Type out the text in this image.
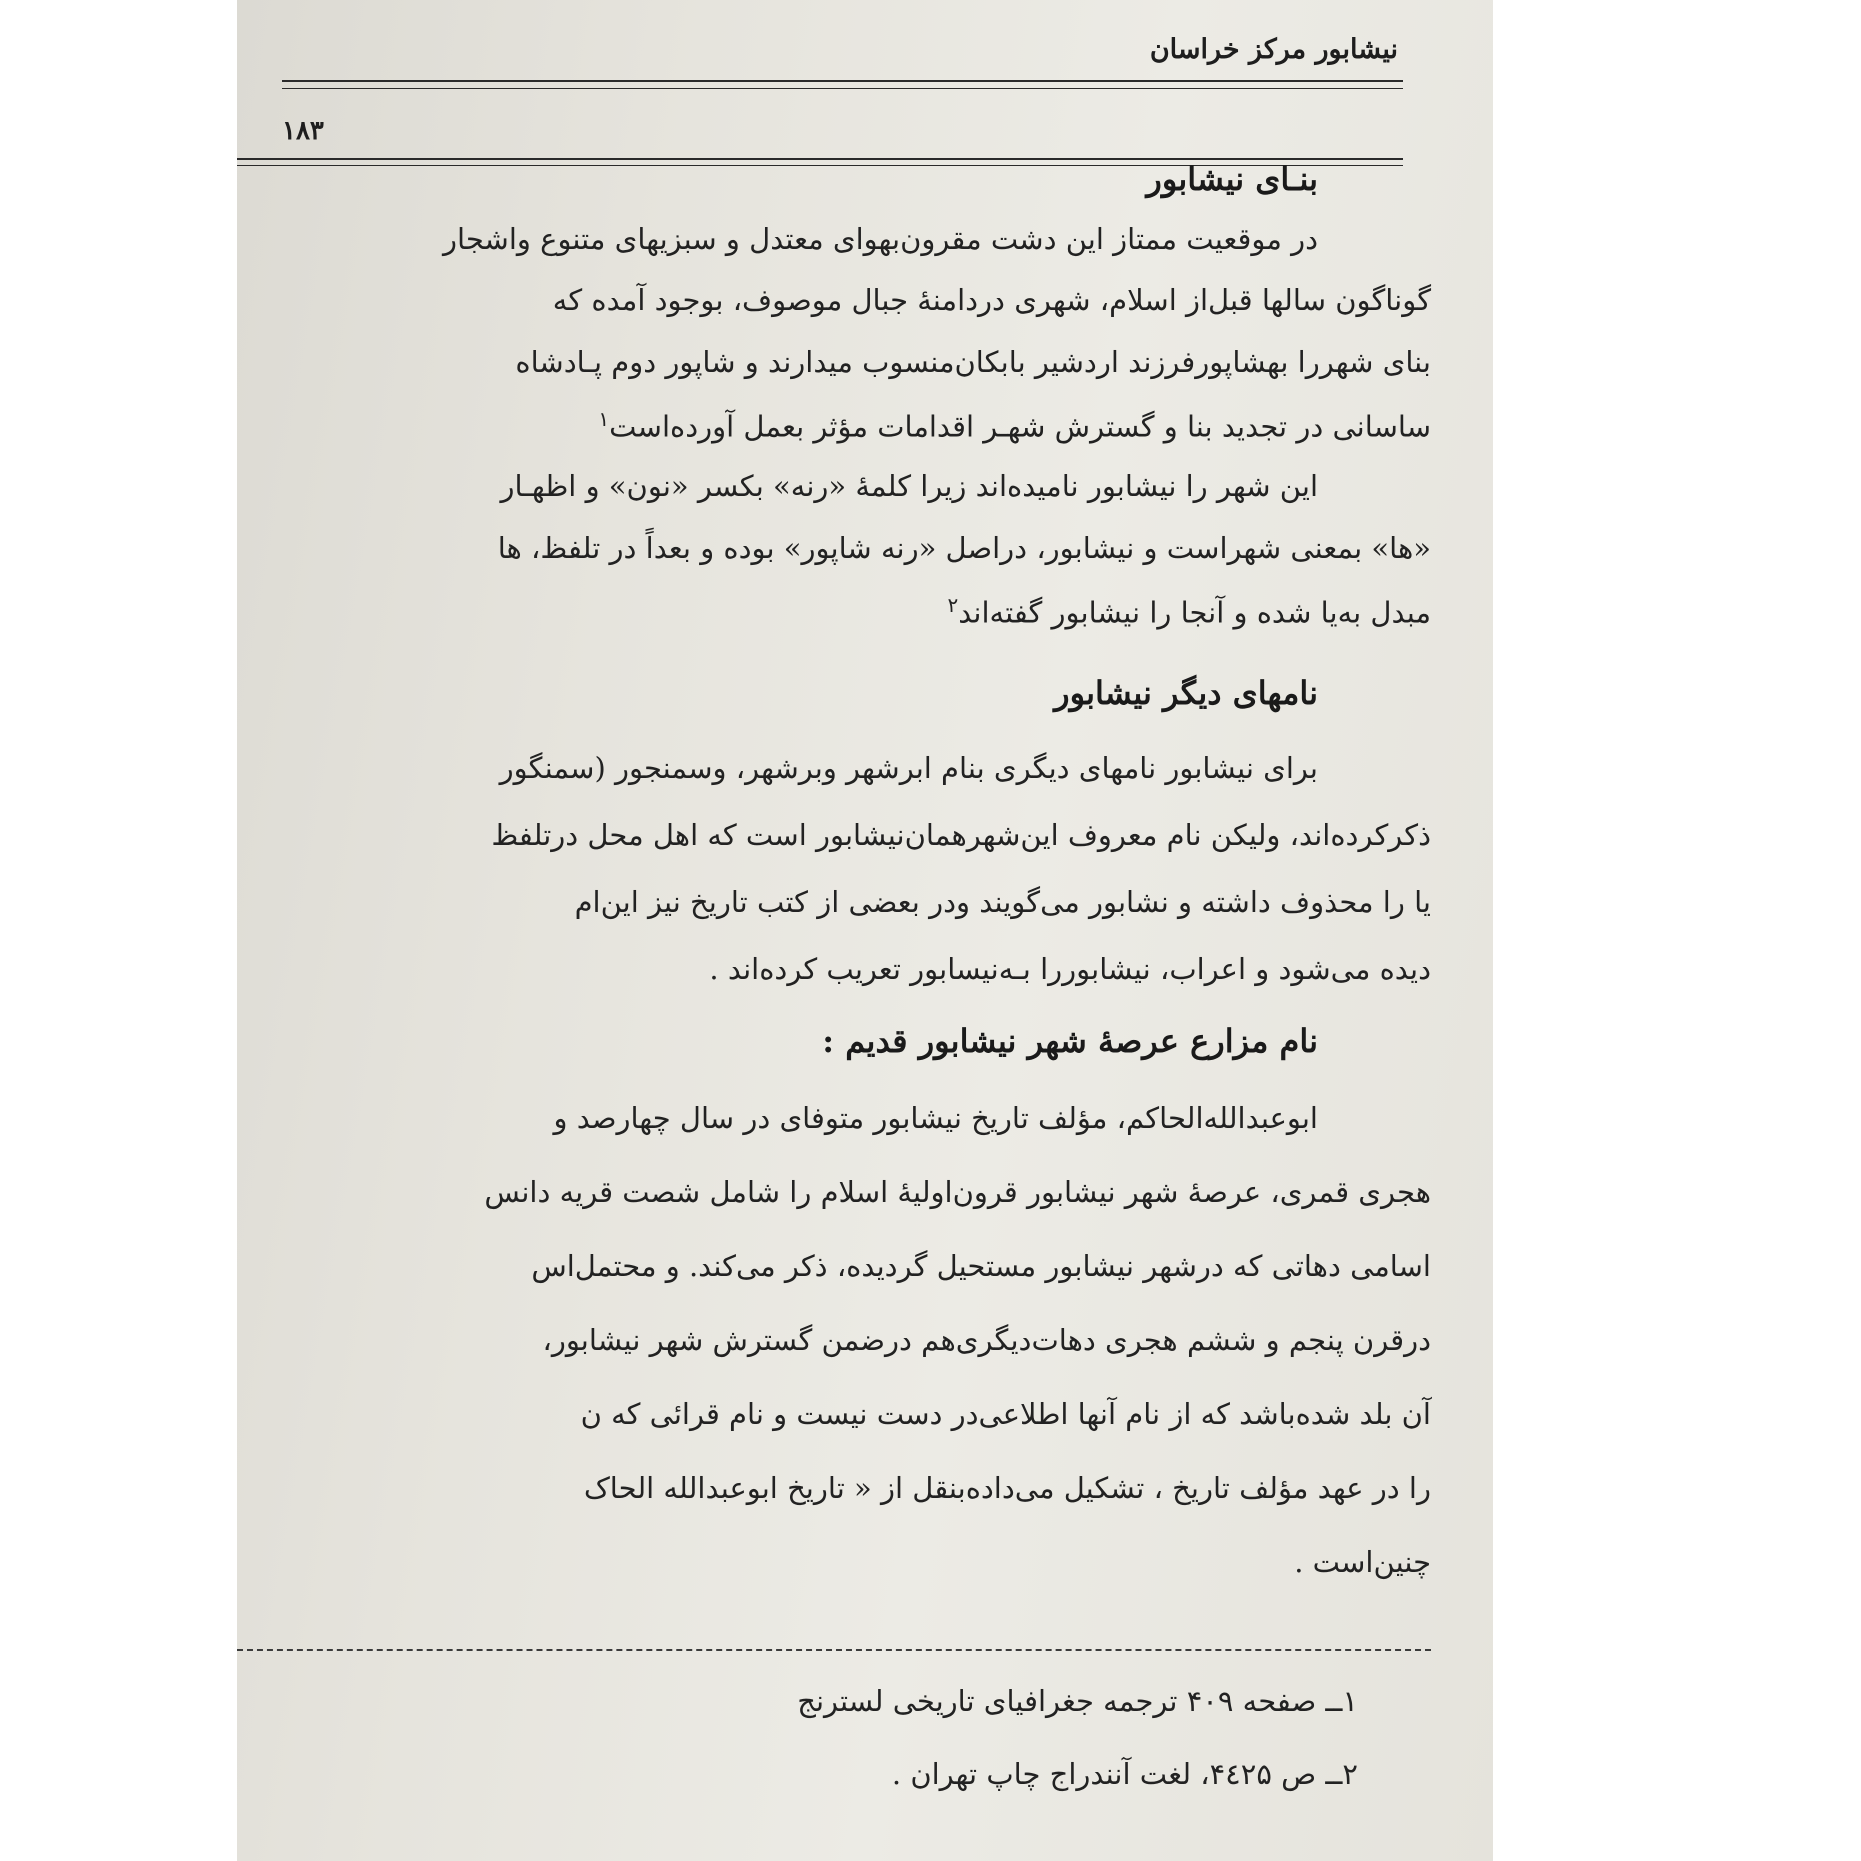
نیشابور مرکز خراسان
۱۸۳
بنـای نیشابور
در موقعیت ممتاز این دشت مقرون‌بهوای معتدل و سبزیهای متنوع واشجار
گوناگون سالها قبل‌از اسلام، شهری دردامنهٔ جبال موصوف، بوجود آمده که
بنای شهررا بهشاپورفرزند اردشیر بابکان‌منسوب میدارند و شاپور دوم پـادشاه
ساسانی در تجدید بنا و گسترش شهـر اقدامات مؤثر بعمل آورده‌است$^۱$
این شهر را نیشابور نامیده‌اند زیرا کلمهٔ «رنه» بکسر «نون» و اظهـار
«ها» بمعنی شهراست و نیشابور، دراصل «رنه شاپور» بوده و بعداً در تلفظ، ها
مبدل به‌یا شده و آنجا را نیشابور گفته‌اند$^۲$
نامهای دیگر نیشابور
برای نیشابور نامهای دیگری بنام ابرشهر وبرشهر، وسمنجور (سمنگور
ذکرکرده‌اند، ولیکن نام معروف این‌شهرهمان‌نیشابور است که اهل محل درتلفظ
یا را محذوف داشته و نشابور می‌گویند ودر بعضی از کتب تاریخ نیز این‌ام
دیده می‌شود و اعراب، نیشابوررا بـه‌نیسابور تعریب کرده‌اند .
نام مزارع عرصهٔ شهر نیشابور قدیم :
ابوعبدالله‌الحاکم، مؤلف تاریخ نیشابور متوفای در سال چهارصد و
هجری قمری، عرصهٔ شهر نیشابور قرون‌اولیهٔ اسلام را شامل شصت قریه دانس
اسامی دهاتی که درشهر نیشابور مستحیل گردیده، ذکر می‌کند. و محتمل‌اس
درقرن پنجم و ششم هجری دهات‌دیگری‌هم درضمن گسترش شهر نیشابور،
آن بلد شده‌باشد که از نام آنها اطلاعی‌در دست نیست و نام قرائی که ن
را در عهد مؤلف تاریخ ، تشکیل می‌داده‌بنقل از « تاریخ ابوعبدالله الحاک
چنین‌است .
۱ــ صفحه ۴۰۹ ترجمه جغرافیای تاریخی لسترنج
۲ــ ص ۴٤۲۵، لغت آنندراج چاپ تهران .
